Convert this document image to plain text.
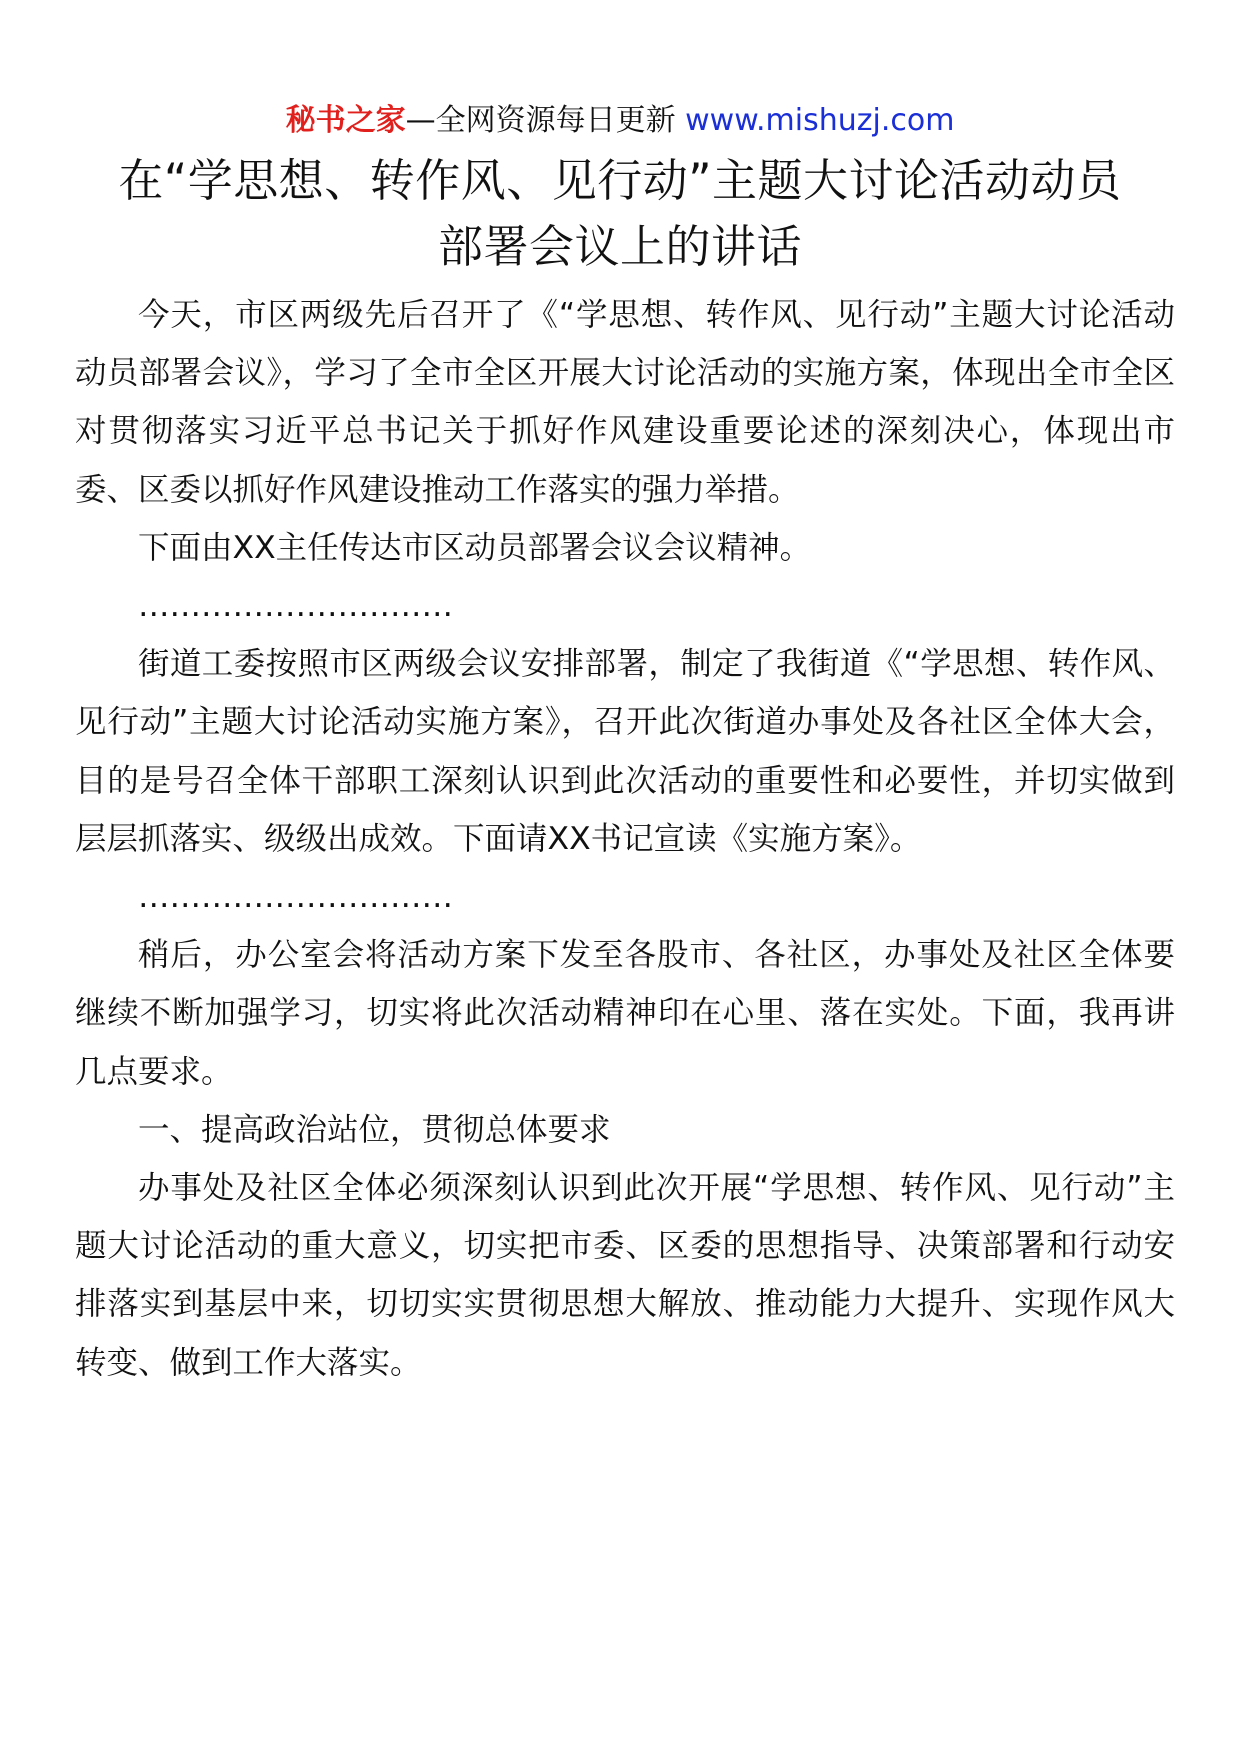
秘书之家—全网资源每日更新 www.mishuzj.com
在“学思想、转作风、见行动”主题大讨论活动动员
部署会议上的讲话

今天，市区两级先后召开了《“学思想、转作风、见行动”主题大讨论活动动员部署会议》，学习了全市全区开展大讨论活动的实施方案，体现出全市全区对贯彻落实习近平总书记关于抓好作风建设重要论述的深刻决心，体现出市委、区委以抓好作风建设推动工作落实的强力举措。

下面由XX主任传达市区动员部署会议会议精神。

…………………………

街道工委按照市区两级会议安排部署，制定了我街道《“学思想、转作风、见行动”主题大讨论活动实施方案》，召开此次街道办事处及各社区全体大会，目的是号召全体干部职工深刻认识到此次活动的重要性和必要性，并切实做到层层抓落实、级级出成效。下面请XX书记宣读《实施方案》。

…………………………

稍后，办公室会将活动方案下发至各股市、各社区，办事处及社区全体要继续不断加强学习，切实将此次活动精神印在心里、落在实处。下面，我再讲几点要求。

一、提高政治站位，贯彻总体要求

办事处及社区全体必须深刻认识到此次开展“学思想、转作风、见行动”主题大讨论活动的重大意义，切实把市委、区委的思想指导、决策部署和行动安排落实到基层中来，切切实实贯彻思想大解放、推动能力大提升、实现作风大转变、做到工作大落实。
